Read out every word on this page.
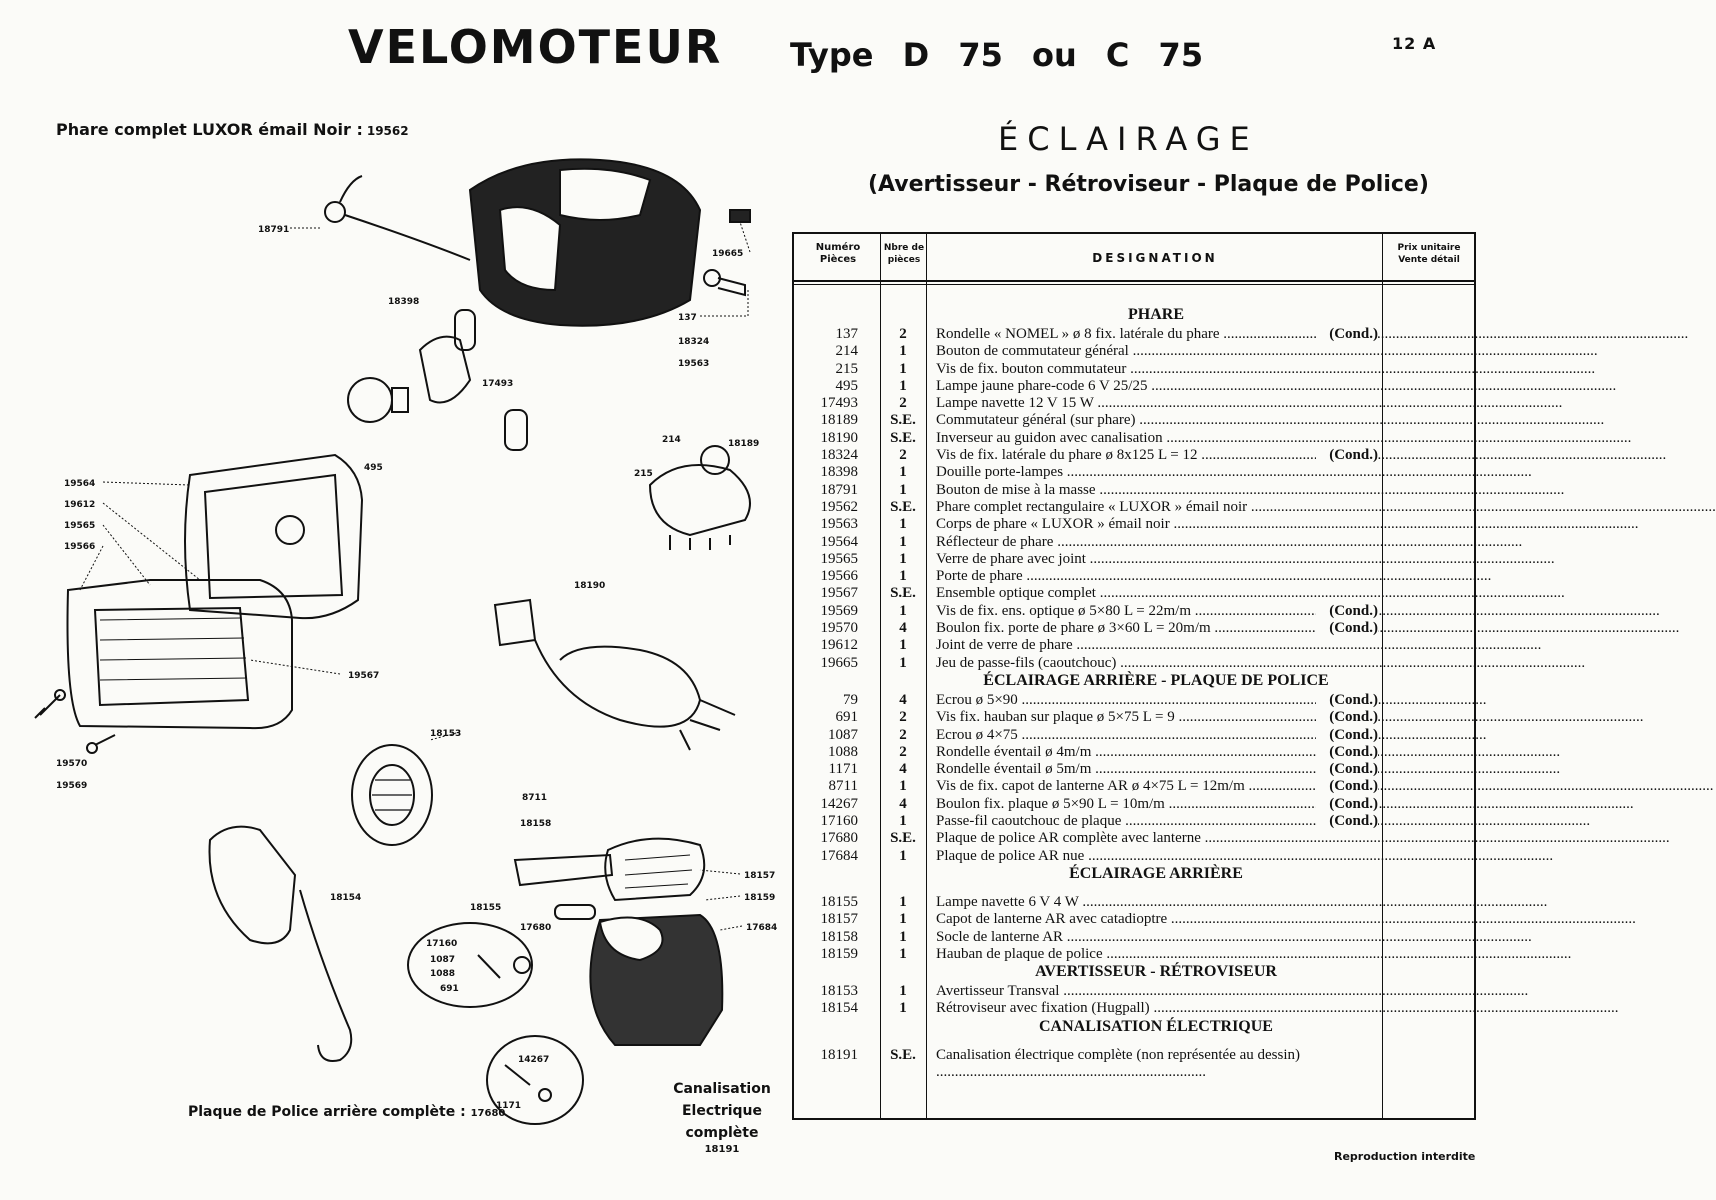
VELOMOTEUR Type D 75 ou C 75	12 A
Phare complet LUXOR émail Noir : 19562	ÉCLAIRAGE
(Avertisseur - Rétroviseur - Plaque de Police)
18791
19665
137
18324
19563
18398
17493
495
214	18189
215
19564
19612
19565
19566
19567
18190
19570
19569
18153
8711
18158
18157
18159
18154
18155
17680	17684
17160
1087
1088
691
14267
1171
Plaque de Police arrière complète : 17680
Canalisation
Electrique complète
18191
Numéro Pièces
Nbre de pièces	DESIGNATION
Prix unitaire Vente détail
PHARE
137	2	Rondelle « NOMEL » ø 8 fix. latérale du phare .....	(Cond.)
214	1	Bouton de commutateur général .....
215	1	Vis de fix. bouton commutateur .....
495	1	Lampe jaune phare-code 6 V 25/25 .....
17493	2	Lampe navette 12 V 15 W .....
18189	S.E.	Commutateur général (sur phare) .....
18190	S.E.	Inverseur au guidon avec canalisation .....
18324	2	Vis de fix. latérale du phare ø 8x125 L = 12 .....	(Cond.)
18398	1	Douille porte-lampes .....
18791	1	Bouton de mise à la masse .....
19562	S.E.	Phare complet rectangulaire « LUXOR » émail noir .....
19563	1	Corps de phare « LUXOR » émail noir .....
19564	1	Réflecteur de phare .....
19565	1	Verre de phare avec joint .....
19566	1	Porte de phare .....
19567	S.E.	Ensemble optique complet .....
19569	1	Vis de fix. ens. optique ø 5×80 L = 22m/m .....	(Cond.)
19570	4	Boulon fix. porte de phare ø 3×60 L = 20m/m .....	(Cond.)
19612	1	Joint de verre de phare .....
19665	1	Jeu de passe-fils (caoutchouc) .....
ÉCLAIRAGE ARRIÈRE - PLAQUE DE POLICE
79	4	Ecrou ø 5×90 .....	(Cond.)
691	2	Vis fix. hauban sur plaque ø 5×75 L = 9 .....	(Cond.)
1087	2	Ecrou ø 4×75 .....	(Cond.)
1088	2	Rondelle éventail ø 4m/m .....	(Cond.)
1171	4	Rondelle éventail ø 5m/m .....	(Cond.)
8711	1	Vis de fix. capot de lanterne AR ø 4×75 L = 12m/m .....	(Cond.)
14267	4	Boulon fix. plaque ø 5×90 L = 10m/m .....	(Cond.)
17160	1	Passe-fil caoutchouc de plaque .....	(Cond.)
17680	S.E.	Plaque de police AR complète avec lanterne .....
17684	1	Plaque de police AR nue .....
ÉCLAIRAGE ARRIÈRE
18155	1	Lampe navette 6 V 4 W .....
18157	1	Capot de lanterne AR avec catadioptre .....
18158	1	Socle de lanterne AR .....
18159	1	Hauban de plaque de police .....
AVERTISSEUR - RÉTROVISEUR
18153	1	Avertisseur Transval .....
18154	1	Rétroviseur avec fixation (Hugpall) .....
CANALISATION ÉLECTRIQUE
18191	S.E.	Canalisation électrique complète (non représentée au dessin) ........................................................................
Reproduction interdite
